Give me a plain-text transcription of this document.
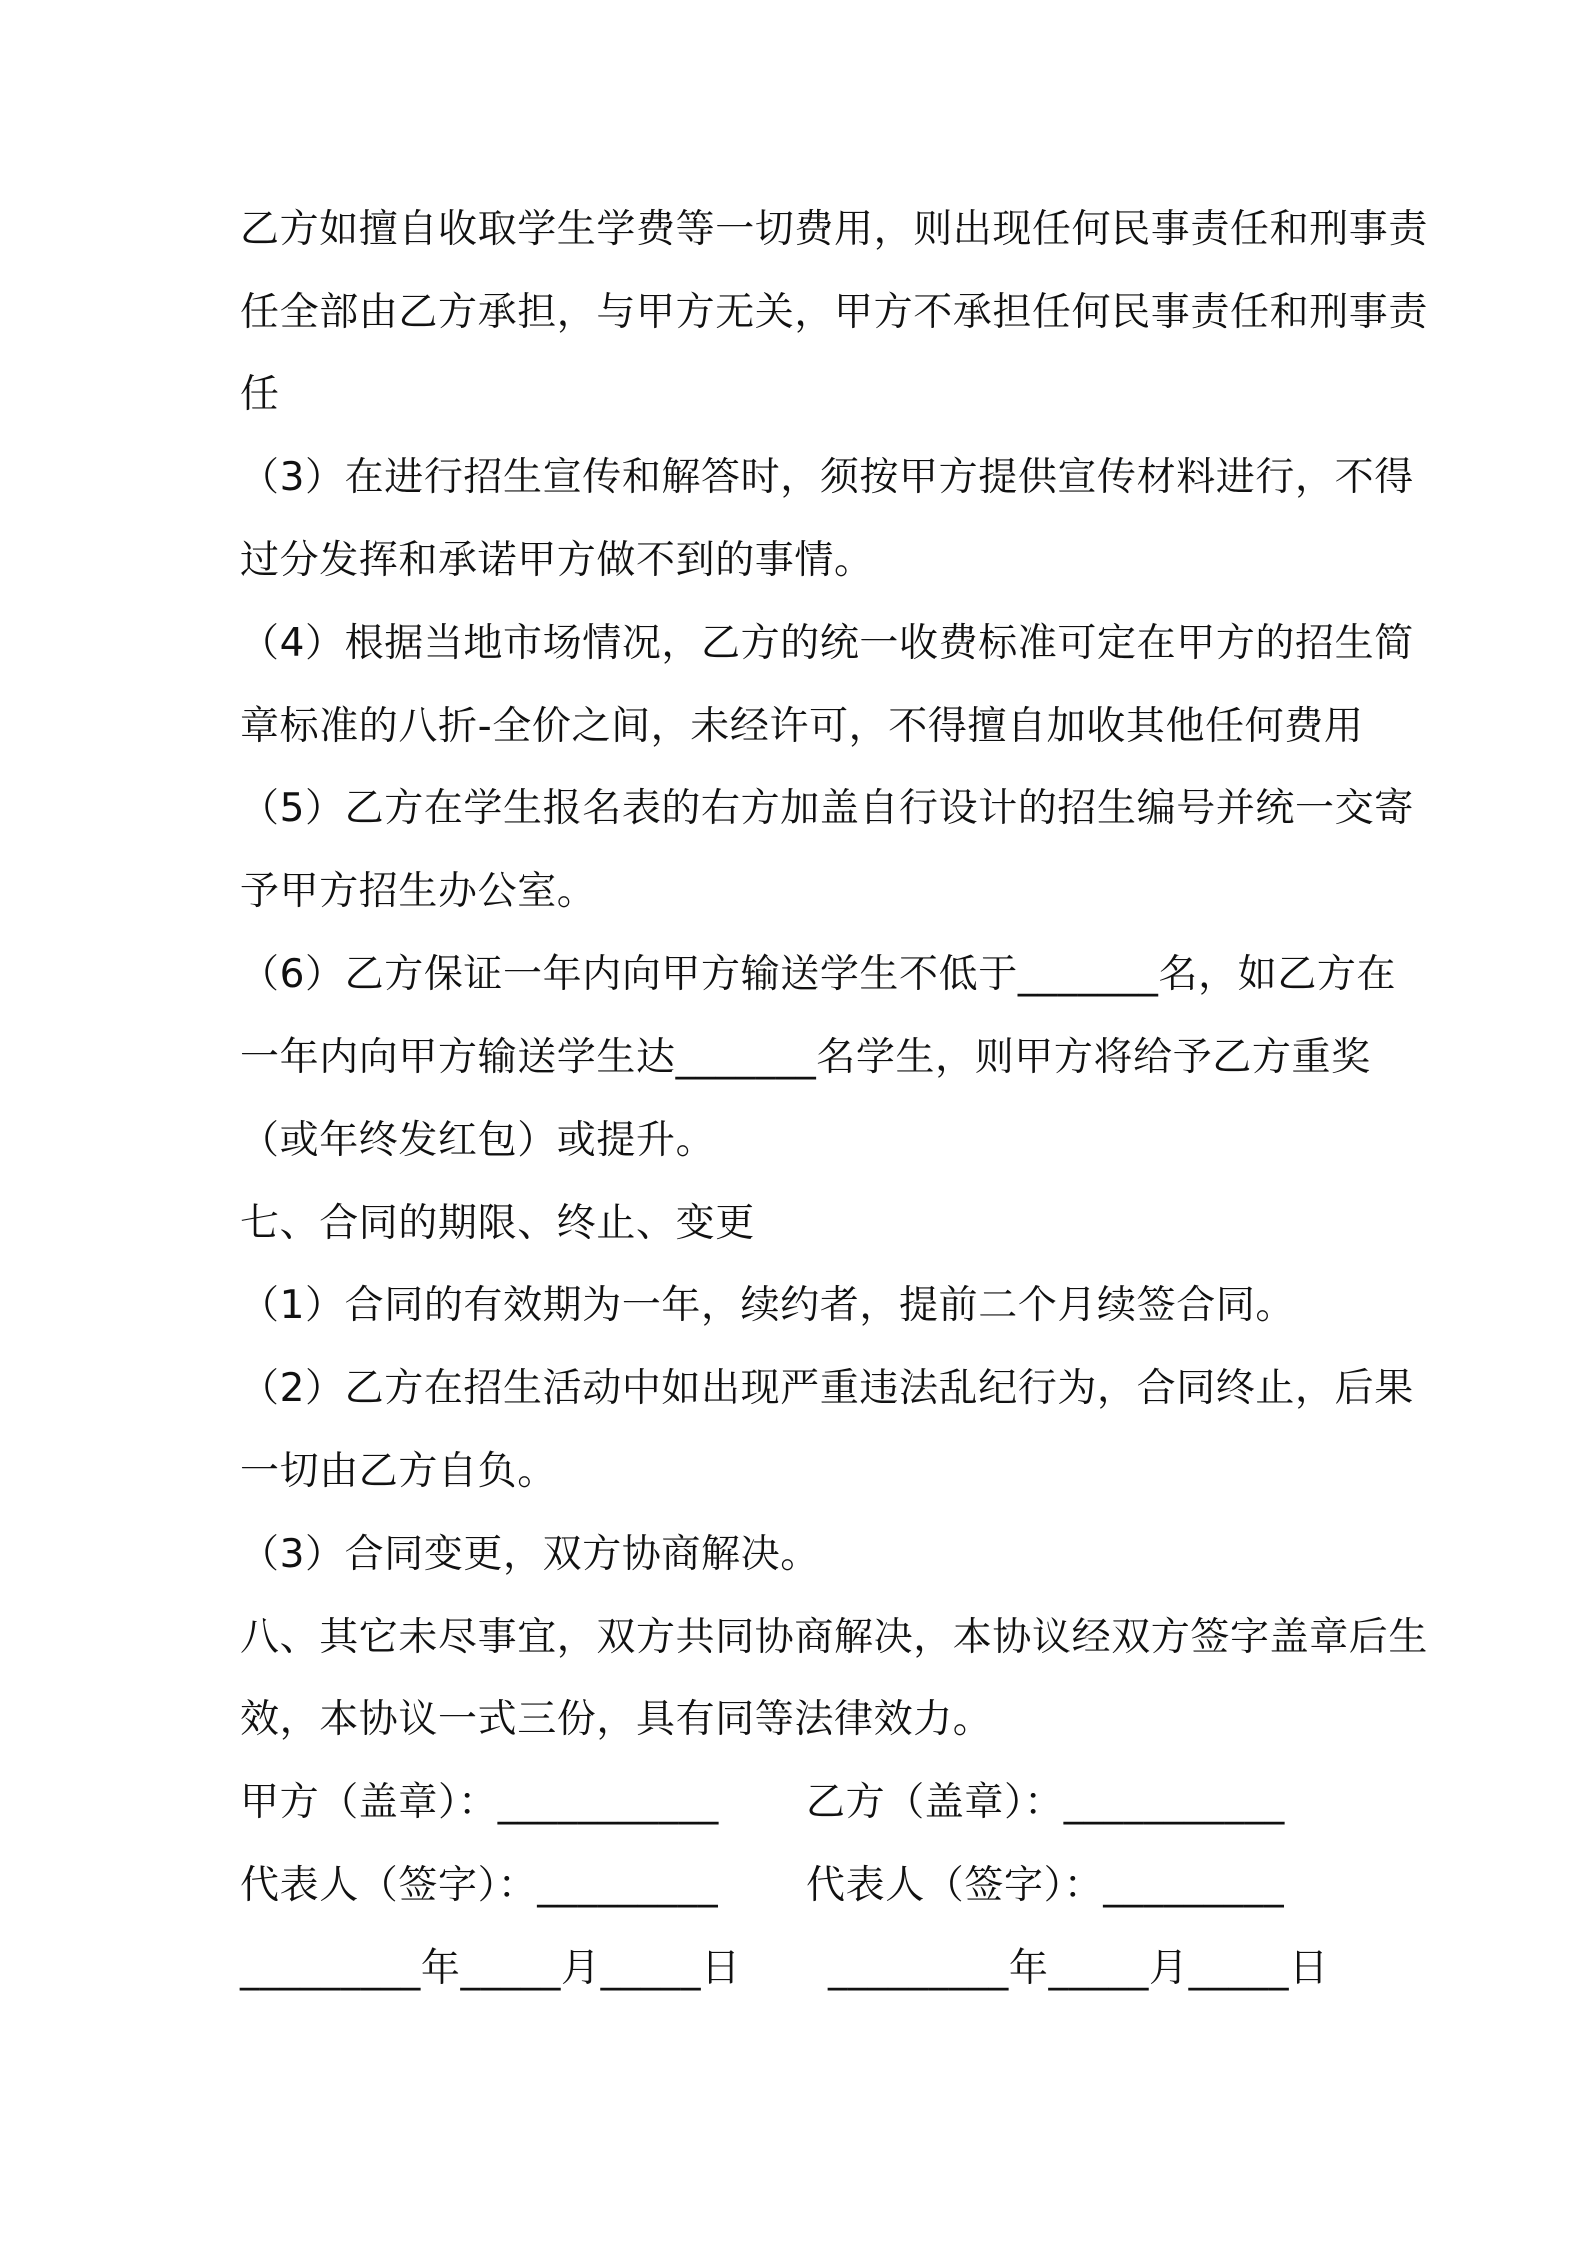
乙方如擅自收取学生学费等一切费用，则出现任何民事责任和刑事责

任全部由乙方承担，与甲方无关，甲方不承担任何民事责任和刑事责

任

（3）在进行招生宣传和解答时，须按甲方提供宣传材料进行，不得

过分发挥和承诺甲方做不到的事情。

（4）根据当地市场情况，乙方的统一收费标准可定在甲方的招生简

章标准的八折-全价之间，未经许可，不得擅自加收其他任何费用

（5）乙方在学生报名表的右方加盖自行设计的招生编号并统一交寄

予甲方招生办公室。

（6）乙方保证一年内向甲方输送学生不低于_______名，如乙方在

一年内向甲方输送学生达_______名学生，则甲方将给予乙方重奖

（或年终发红包）或提升。

七、合同的期限、终止、变更

（1）合同的有效期为一年，续约者，提前二个月续签合同。

（2）乙方在招生活动中如出现严重违法乱纪行为，合同终止，后果

一切由乙方自负。

（3）合同变更，双方协商解决。

八、其它未尽事宜，双方共同协商解决，本协议经双方签字盖章后生

效，本协议一式三份，具有同等法律效力。

甲方（盖章）：___________ 乙方（盖章）：___________

代表人（签字）：_________ 代表人（签字）：_________

_________年_____月_____日 _________年_____月_____日
